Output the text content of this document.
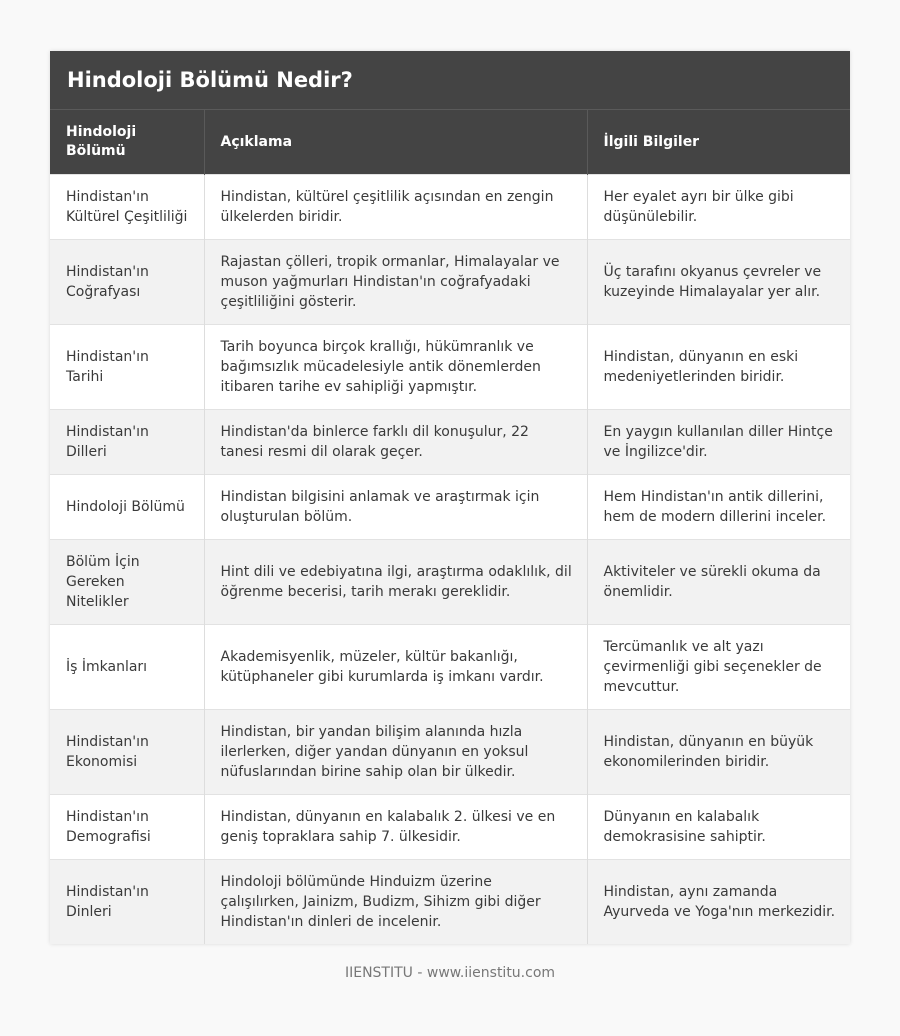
Hindoloji Bölümü Nedir?
Hindoloji Bölümü	Açıklama	İlgili Bilgiler
Hindistan'ın Kültürel Çeşitliliği	Hindistan, kültürel çeşitlilik açısından en zengin ülkelerden biridir.	Her eyalet ayrı bir ülke gibi düşünülebilir.
Hindistan'ın Coğrafyası	Rajastan çölleri, tropik ormanlar, Himalayalar ve muson yağmurları Hindistan'ın coğrafyadaki çeşitliliğini gösterir.	Üç tarafını okyanus çevreler ve kuzeyinde Himalayalar yer alır.
Hindistan'ın Tarihi	Tarih boyunca birçok krallığı, hükümranlık ve bağımsızlık mücadelesiyle antik dönemlerden itibaren tarihe ev sahipliği yapmıştır.	Hindistan, dünyanın en eski medeniyetlerinden biridir.
Hindistan'ın Dilleri	Hindistan'da binlerce farklı dil konuşulur, 22 tanesi resmi dil olarak geçer.	En yaygın kullanılan diller Hintçe ve İngilizce'dir.
Hindoloji Bölümü	Hindistan bilgisini anlamak ve araştırmak için oluşturulan bölüm.	Hem Hindistan'ın antik dillerini, hem de modern dillerini inceler.
Bölüm İçin Gereken Nitelikler	Hint dili ve edebiyatına ilgi, araştırma odaklılık, dil öğrenme becerisi, tarih merakı gereklidir.	Aktiviteler ve sürekli okuma da önemlidir.
İş İmkanları	Akademisyenlik, müzeler, kültür bakanlığı, kütüphaneler gibi kurumlarda iş imkanı vardır.	Tercümanlık ve alt yazı çevirmenliği gibi seçenekler de mevcuttur.
Hindistan'ın Ekonomisi	Hindistan, bir yandan bilişim alanında hızla ilerlerken, diğer yandan dünyanın en yoksul nüfuslarından birine sahip olan bir ülkedir.	Hindistan, dünyanın en büyük ekonomilerinden biridir.
Hindistan'ın Demografisi	Hindistan, dünyanın en kalabalık 2. ülkesi ve en geniş topraklara sahip 7. ülkesidir.	Dünyanın en kalabalık demokrasisine sahiptir.
Hindistan'ın Dinleri	Hindoloji bölümünde Hinduizm üzerine çalışılırken, Jainizm, Budizm, Sihizm gibi diğer Hindistan'ın dinleri de incelenir.	Hindistan, aynı zamanda Ayurveda ve Yoga'nın merkezidir.
IIENSTITU - www.iienstitu.com
